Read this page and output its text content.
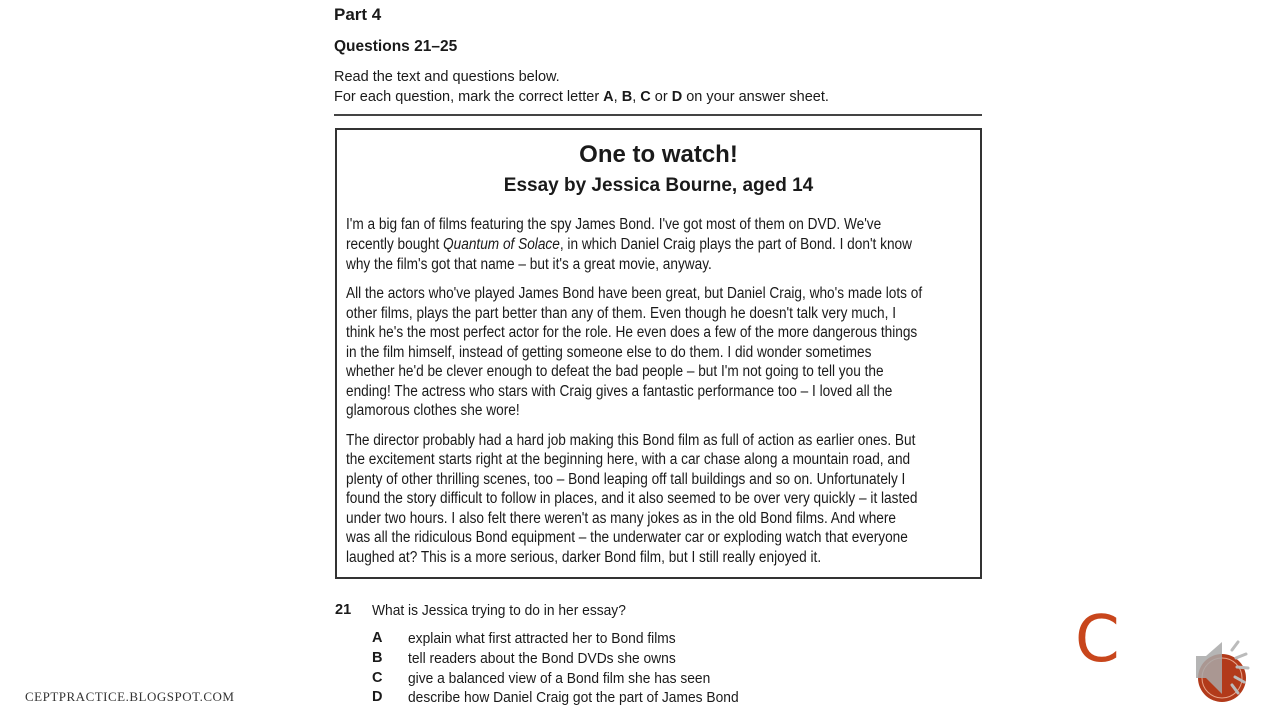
Part 4
Questions 21–25
Read the text and questions below.
For each question, mark the correct letter A, B, C or D on your answer sheet.
One to watch!
Essay by Jessica Bourne, aged 14
I'm a big fan of films featuring the spy James Bond. I've got most of them on DVD. We've
recently bought Quantum of Solace, in which Daniel Craig plays the part of Bond. I don't know
why the film's got that name – but it's a great movie, anyway.
All the actors who've played James Bond have been great, but Daniel Craig, who's made lots of
other films, plays the part better than any of them. Even though he doesn't talk very much, I
think he's the most perfect actor for the role. He even does a few of the more dangerous things
in the film himself, instead of getting someone else to do them. I did wonder sometimes
whether he'd be clever enough to defeat the bad people – but I'm not going to tell you the
ending! The actress who stars with Craig gives a fantastic performance too – I loved all the
glamorous clothes she wore!
The director probably had a hard job making this Bond film as full of action as earlier ones. But
the excitement starts right at the beginning here, with a car chase along a mountain road, and
plenty of other thrilling scenes, too – Bond leaping off tall buildings and so on. Unfortunately I
found the story difficult to follow in places, and it also seemed to be over very quickly – it lasted
under two hours. I also felt there weren't as many jokes as in the old Bond films. And where
was all the ridiculous Bond equipment – the underwater car or exploding watch that everyone
laughed at? This is a more serious, darker Bond film, but I still really enjoyed it.
21 What is Jessica trying to do in her essay?
A explain what first attracted her to Bond films
B tell readers about the Bond DVDs she owns
C give a balanced view of a Bond film she has seen
D describe how Daniel Craig got the part of James Bond
CEPTPRACTICE.BLOGSPOT.COM
C
